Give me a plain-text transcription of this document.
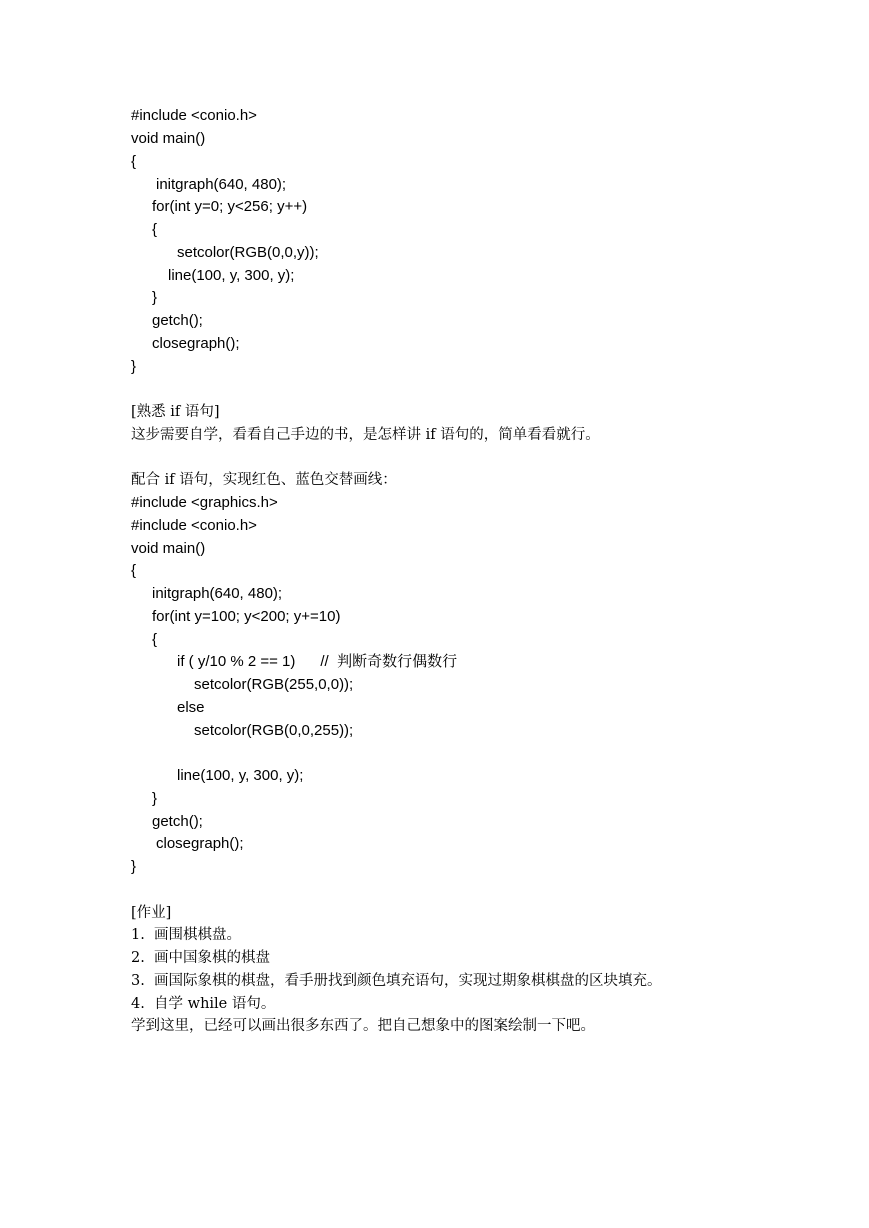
#include <conio.h>
void main()
{
initgraph(640, 480);
for(int y=0; y<256; y++)
{
setcolor(RGB(0,0,y));
line(100, y, 300, y);
}
getch();
closegraph();
}
[熟悉 if 语句]
这步需要自学，看看自己手边的书，是怎样讲 if 语句的，简单看看就行。
配合 if 语句，实现红色、蓝色交替画线：
#include <graphics.h>
#include <conio.h>
void main()
{
initgraph(640, 480);
for(int y=100; y<200; y+=10)
{
if ( y/10 % 2 == 1)      //  判断奇数行偶数行
setcolor(RGB(255,0,0));
else
setcolor(RGB(0,0,255));
line(100, y, 300, y);
}
getch();
closegraph();
}
[作业]
1.  画围棋棋盘。
2.  画中国象棋的棋盘
3.  画国际象棋的棋盘，看手册找到颜色填充语句，实现过期象棋棋盘的区块填充。
4.  自学 while 语句。
学到这里，已经可以画出很多东西了。把自己想象中的图案绘制一下吧。
